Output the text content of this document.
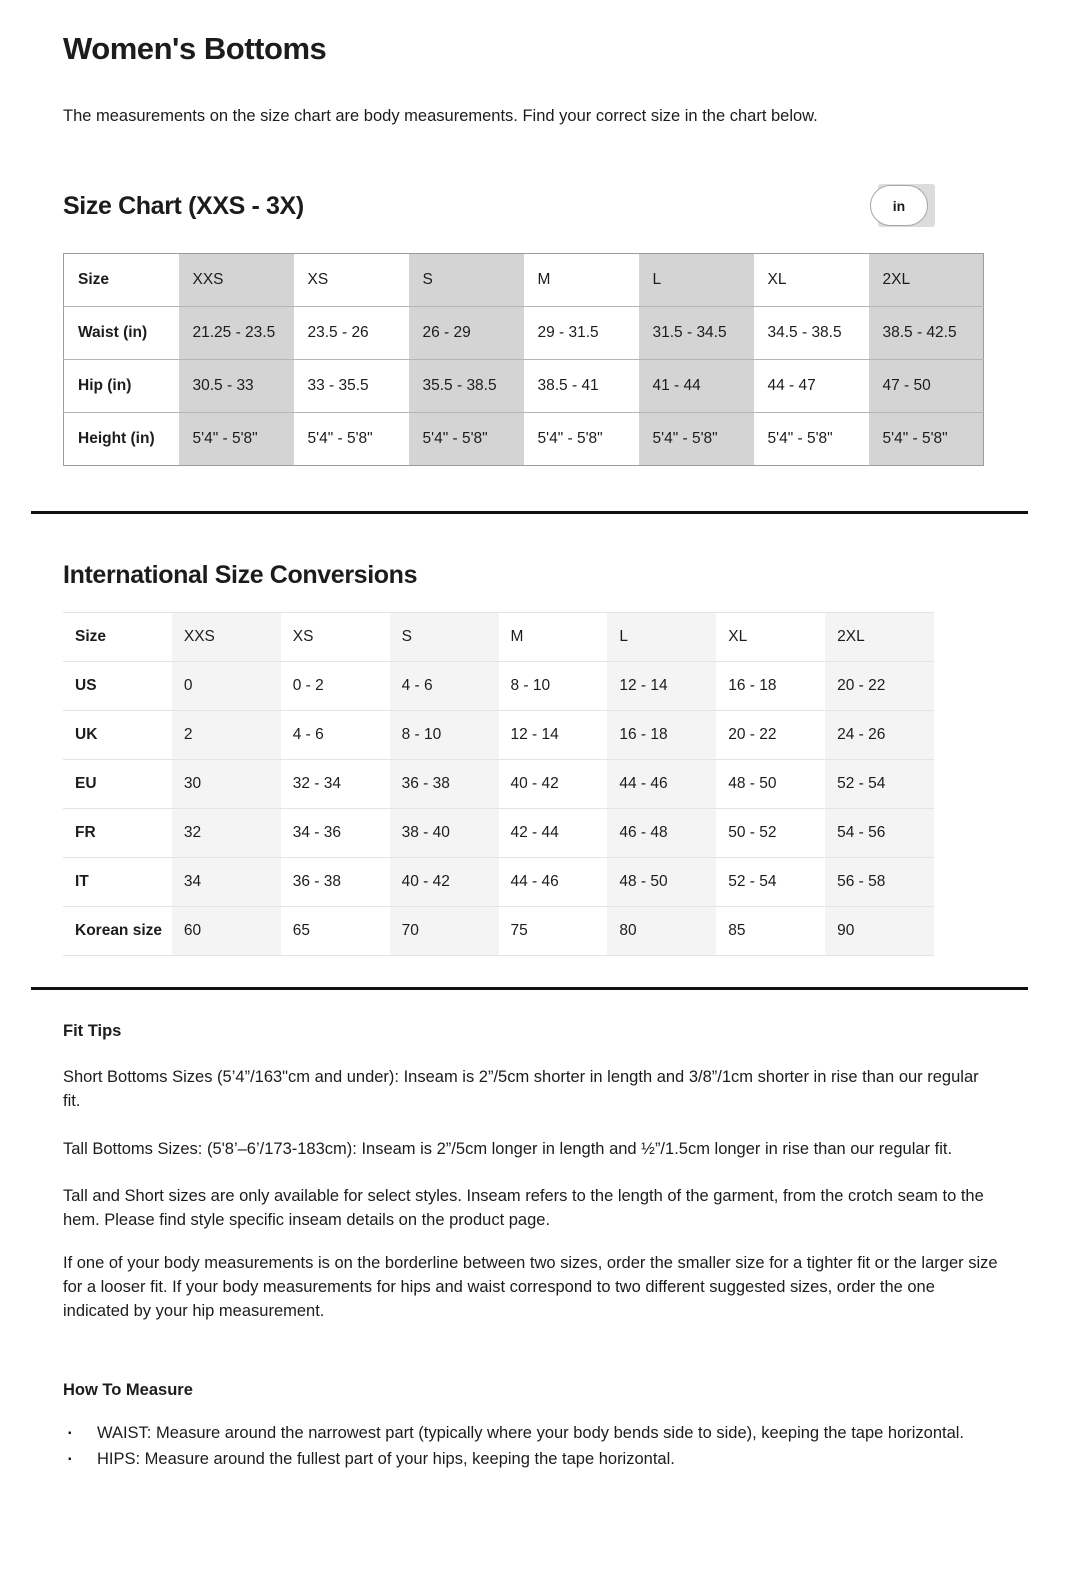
Women's Bottoms

The measurements on the size chart are body measurements. Find your correct size in the chart below.

Size Chart (XXS - 3X)	in
Size	XXS	XS	S	M	L	XL	2XL
Waist (in)	21.25 - 23.5	23.5 - 26	26 - 29	29 - 31.5	31.5 - 34.5	34.5 - 38.5	38.5 - 42.5
Hip (in)	30.5 - 33	33 - 35.5	35.5 - 38.5	38.5 - 41	41 - 44	44 - 47	47 - 50
Height (in)	5'4" - 5'8"	5'4" - 5'8"	5'4" - 5'8"	5'4" - 5'8"	5'4" - 5'8"	5'4" - 5'8"	5'4" - 5'8"
International Size Conversions
Size	XXS	XS	S	M	L	XL	2XL
US	0	0 - 2	4 - 6	8 - 10	12 - 14	16 - 18	20 - 22
UK	2	4 - 6	8 - 10	12 - 14	16 - 18	20 - 22	24 - 26
EU	30	32 - 34	36 - 38	40 - 42	44 - 46	48 - 50	52 - 54
FR	32	34 - 36	38 - 40	42 - 44	46 - 48	50 - 52	54 - 56
IT	34	36 - 38	40 - 42	44 - 46	48 - 50	52 - 54	56 - 58
Korean size	60	65	70	75	80	85	90
Fit Tips

Short Bottoms Sizes (5’4”/163"cm and under): Inseam is 2”/5cm shorter in length and 3/8”/1cm shorter in rise than our regular fit.

Tall Bottoms Sizes: (5'8’–6’/173-183cm): Inseam is 2”/5cm longer in length and ½”/1.5cm longer in rise than our regular fit.

Tall and Short sizes are only available for select styles. Inseam refers to the length of the garment, from the crotch seam to the hem. Please find style specific inseam details on the product page.

If one of your body measurements is on the borderline between two sizes, order the smaller size for a tighter fit or the larger size for a looser fit. If your body measurements for hips and waist correspond to two different suggested sizes, order the one indicated by your hip measurement.

How To Measure
▪	WAIST: Measure around the narrowest part (typically where your body bends side to side), keeping the tape horizontal.
▪	HIPS: Measure around the fullest part of your hips, keeping the tape horizontal.
